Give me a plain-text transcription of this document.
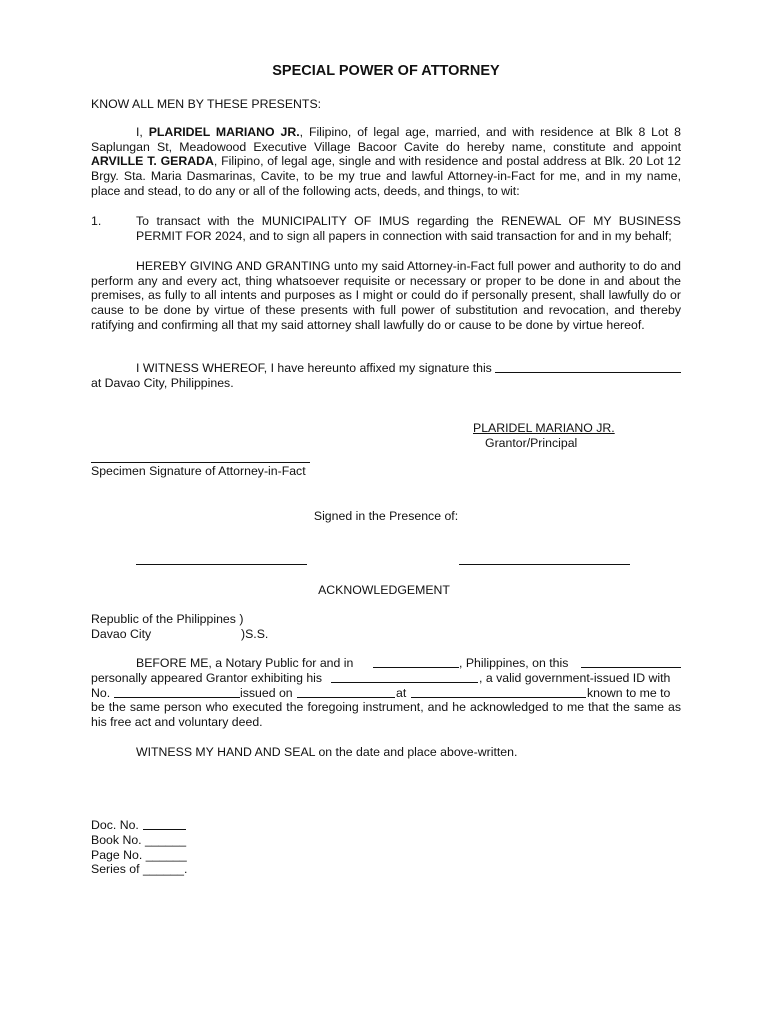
SPECIAL POWER OF ATTORNEY
KNOW ALL MEN BY THESE PRESENTS:
I, PLARIDEL MARIANO JR., Filipino, of legal age, married, and with residence at Blk 8 Lot 8 Saplungan St, Meadowood Executive Village Bacoor Cavite do hereby name, constitute and appoint ARVILLE T. GERADA, Filipino, of legal age, single and with residence and postal address at Blk. 20 Lot 12 Brgy. Sta. Maria Dasmarinas, Cavite, to be my true and lawful Attorney-in-Fact for me, and in my name, place and stead, to do any or all of the following acts, deeds, and things, to wit:
1.	To transact with the MUNICIPALITY OF IMUS regarding the RENEWAL OF MY BUSINESS PERMIT FOR 2024, and to sign all papers in connection with said transaction for and in my behalf;
HEREBY GIVING AND GRANTING unto my said Attorney-in-Fact full power and authority to do and perform any and every act, thing whatsoever requisite or necessary or proper to be done in and about the premises, as fully to all intents and purposes as I might or could do if personally present, shall lawfully do or cause to be done by virtue of these presents with full power of substitution and revocation, and thereby ratifying and confirming all that my said attorney shall lawfully do or cause to be done by virtue hereof.
I WITNESS WHEREOF, I have hereunto affixed my signature this
at Davao City, Philippines.
PLARIDEL MARIANO JR.
Grantor/Principal
Specimen Signature of Attorney-in-Fact
Signed in the Presence of:
ACKNOWLEDGEMENT
Republic of the Philippines )
Davao City	)S.S.
BEFORE ME, a Notary Public for and in	, Philippines, on this
personally appeared Grantor exhibiting his	, a valid government-issued ID with
No.	issued on	at	known to me to
be the same person who executed the foregoing instrument, and he acknowledged to me that the same as his free act and voluntary deed.
WITNESS MY HAND AND SEAL on the date and place above-written.
Doc. No.
Book No. ______
Page No. ______
Series of ______.
